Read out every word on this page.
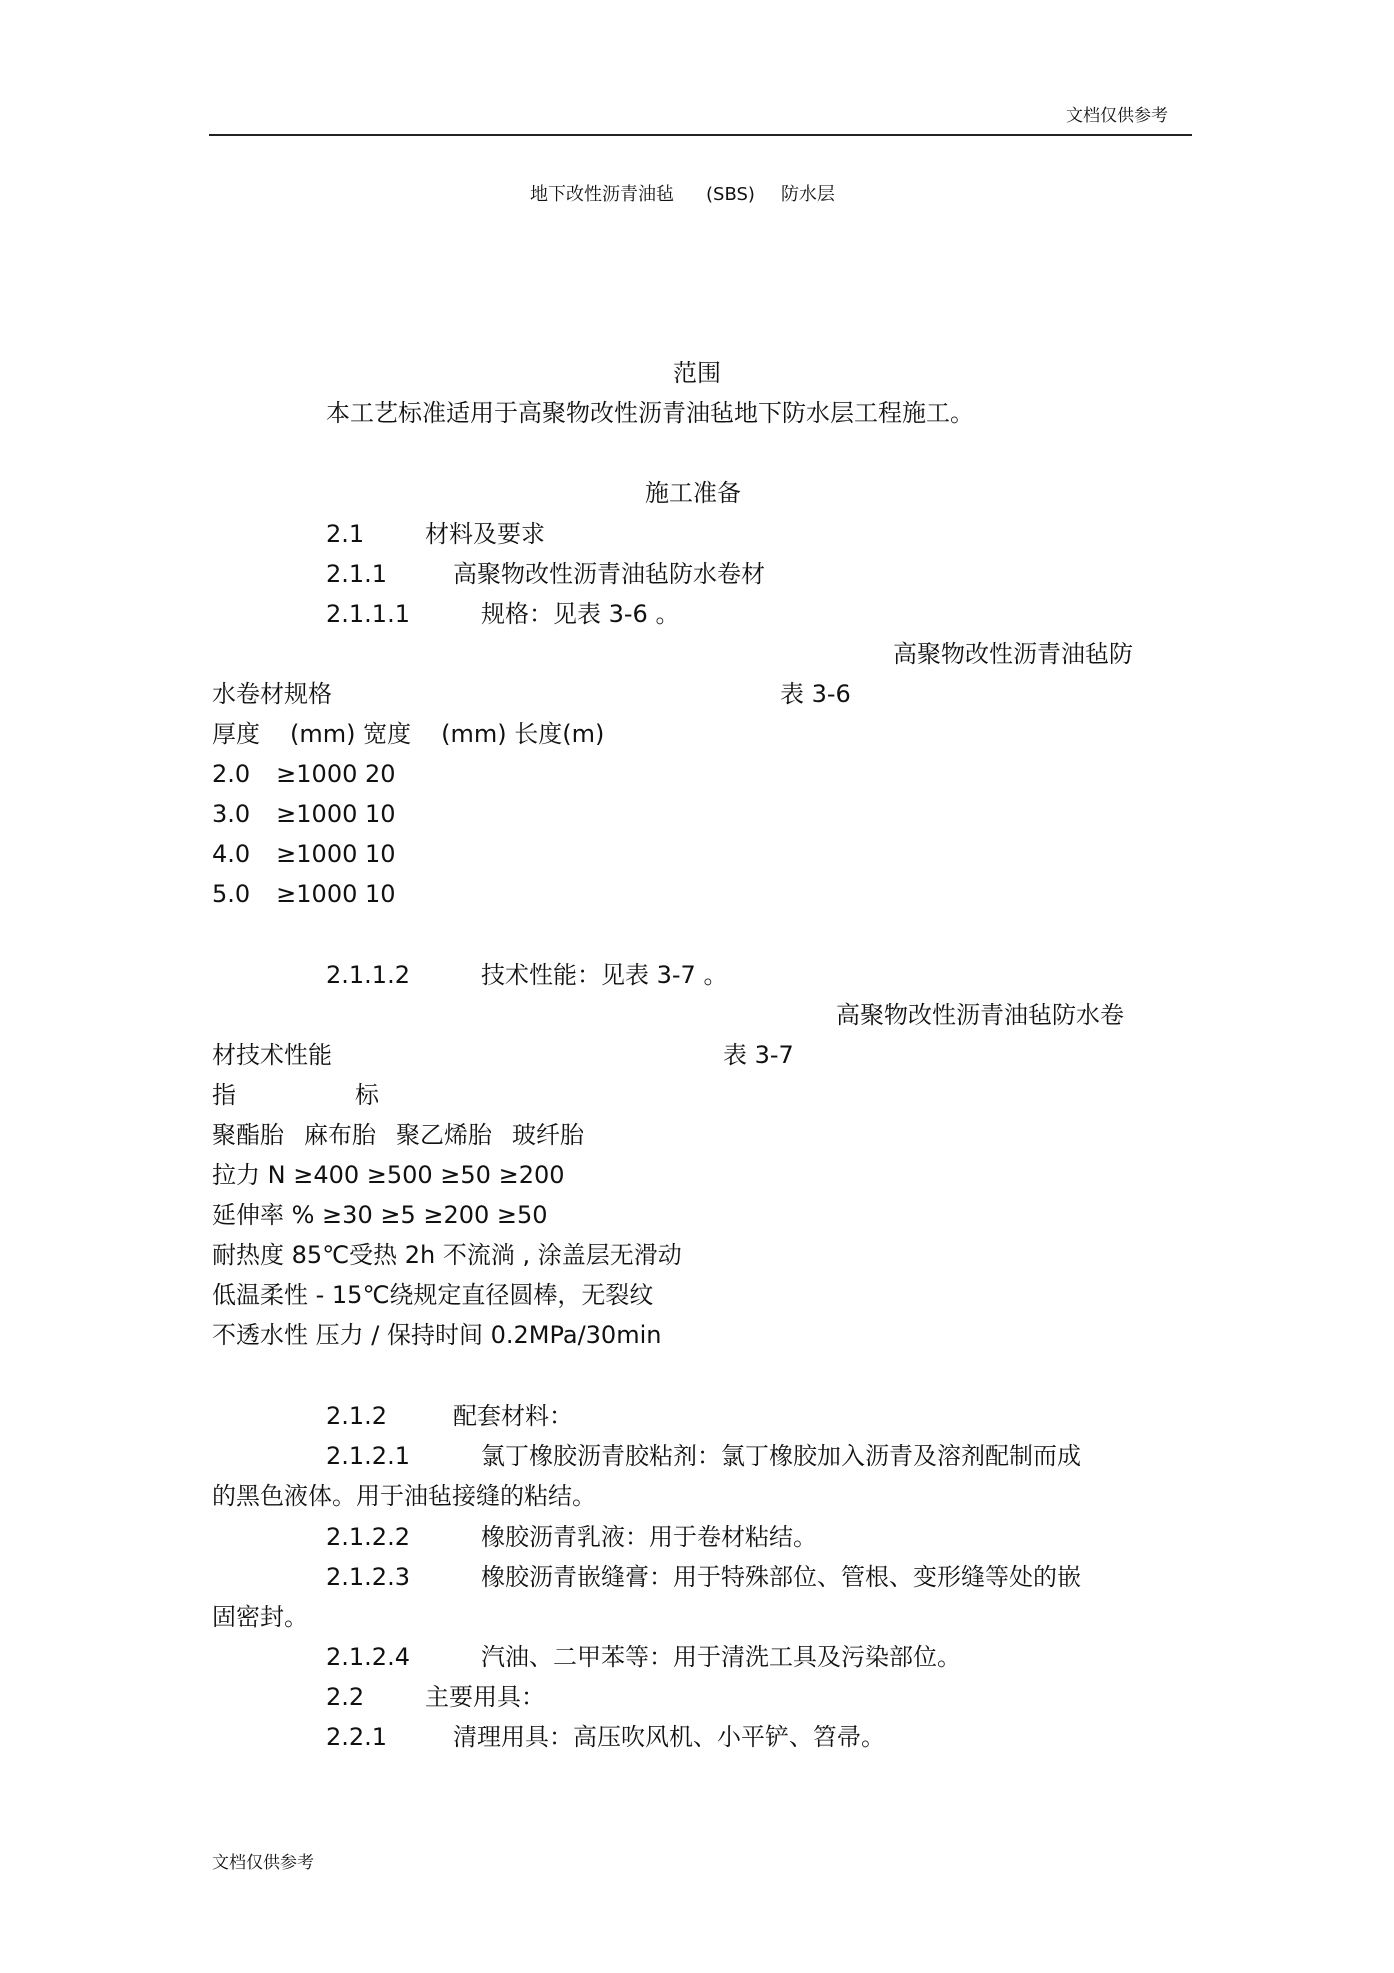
文档仅供参考
地下改性沥青油毡 (SBS) 防水层
范围
本工艺标准适用于高聚物改性沥青油毡地下防水层工程施工。
施工准备
2.1	材料及要求
2.1.1	高聚物改性沥青油毡防水卷材
2.1.1.1	规格：见表 3-6 。
高聚物改性沥青油毡防
水卷材规格	表 3-6
厚度 (mm) 宽度 (mm) 长度(m)
2.0 ≥1000 20
3.0 ≥1000 10
4.0 ≥1000 10
5.0 ≥1000 10
2.1.1.2	技术性能：见表 3-7 。
高聚物改性沥青油毡防水卷
材技术性能	表 3-7
指	标
聚酯胎 麻布胎 聚乙烯胎 玻纤胎
拉力 N ≥400 ≥500 ≥50 ≥200
延伸率 % ≥30 ≥5 ≥200 ≥50
耐热度 85℃受热 2h 不流淌 , 涂盖层无滑动
低温柔性 - 15℃绕规定直径圆棒，无裂纹
不透水性 压力 / 保持时间 0.2MPa/30min
2.1.2	配套材料：
2.1.2.1	氯丁橡胶沥青胶粘剂：氯丁橡胶加入沥青及溶剂配制而成
的黑色液体。用于油毡接缝的粘结。
2.1.2.2	橡胶沥青乳液：用于卷材粘结。
2.1.2.3	橡胶沥青嵌缝膏：用于特殊部位、管根、变形缝等处的嵌
固密封。
2.1.2.4	汽油、二甲苯等：用于清洗工具及污染部位。
2.2	主要用具：
2.2.1	清理用具：高压吹风机、小平铲、笤帚。
文档仅供参考
